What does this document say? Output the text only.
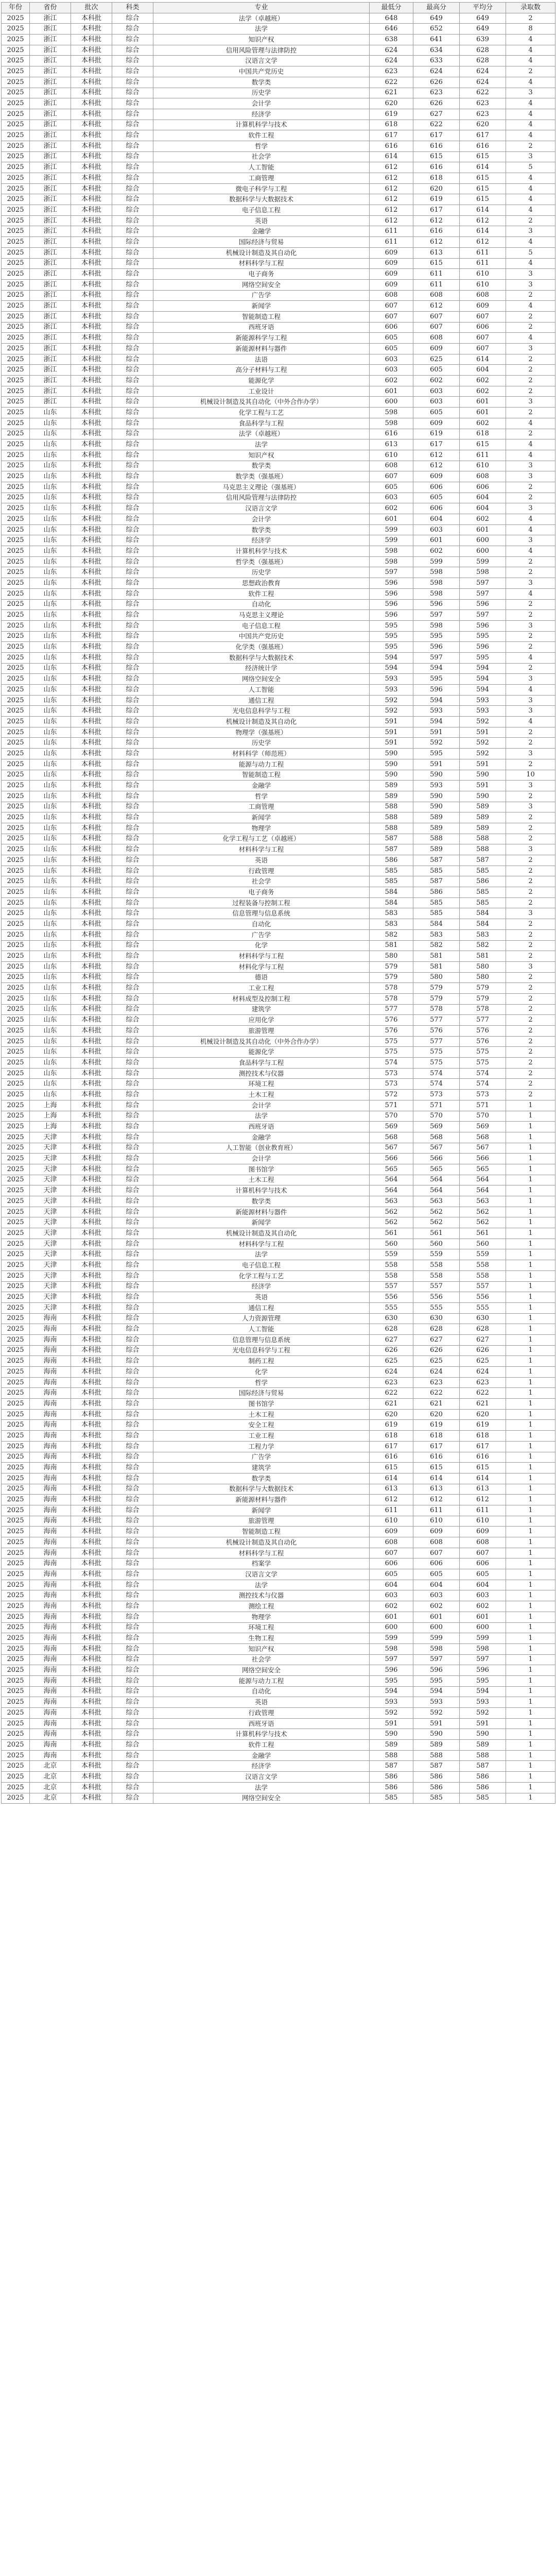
年份	省份	批次	科类	专业	最低分	最高分	平均分	录取数
2025	浙江	本科批	综合	法学（卓越班）	648	649	649	2
2025	浙江	本科批	综合	法学	646	652	649	8
2025	浙江	本科批	综合	知识产权	638	641	639	4
2025	浙江	本科批	综合	信用风险管理与法律防控	624	634	628	4
2025	浙江	本科批	综合	汉语言文学	624	633	628	4
2025	浙江	本科批	综合	中国共产党历史	623	624	624	2
2025	浙江	本科批	综合	数学类	622	626	624	4
2025	浙江	本科批	综合	历史学	621	623	622	3
2025	浙江	本科批	综合	会计学	620	626	623	4
2025	浙江	本科批	综合	经济学	619	627	623	4
2025	浙江	本科批	综合	计算机科学与技术	618	622	620	4
2025	浙江	本科批	综合	软件工程	617	617	617	4
2025	浙江	本科批	综合	哲学	616	616	616	2
2025	浙江	本科批	综合	社会学	614	615	615	3
2025	浙江	本科批	综合	人工智能	612	616	614	5
2025	浙江	本科批	综合	工商管理	612	618	615	4
2025	浙江	本科批	综合	微电子科学与工程	612	620	615	4
2025	浙江	本科批	综合	数据科学与大数据技术	612	619	615	4
2025	浙江	本科批	综合	电子信息工程	612	617	614	4
2025	浙江	本科批	综合	英语	612	612	612	2
2025	浙江	本科批	综合	金融学	611	616	614	3
2025	浙江	本科批	综合	国际经济与贸易	611	612	612	4
2025	浙江	本科批	综合	机械设计制造及其自动化	609	613	611	5
2025	浙江	本科批	综合	材料科学与工程	609	615	611	4
2025	浙江	本科批	综合	电子商务	609	611	610	3
2025	浙江	本科批	综合	网络空间安全	609	611	610	3
2025	浙江	本科批	综合	广告学	608	608	608	2
2025	浙江	本科批	综合	新闻学	607	612	609	4
2025	浙江	本科批	综合	智能制造工程	607	607	607	2
2025	浙江	本科批	综合	西班牙语	606	607	606	2
2025	浙江	本科批	综合	新能源科学与工程	605	608	607	4
2025	浙江	本科批	综合	新能源材料与器件	605	609	607	3
2025	浙江	本科批	综合	法语	603	625	614	2
2025	浙江	本科批	综合	高分子材料与工程	603	605	604	2
2025	浙江	本科批	综合	能源化学	602	602	602	2
2025	浙江	本科批	综合	工业设计	601	603	602	2
2025	浙江	本科批	综合	机械设计制造及其自动化（中外合作办学）	600	603	601	3
2025	山东	本科批	综合	化学工程与工艺	598	605	601	2
2025	山东	本科批	综合	食品科学与工程	598	609	602	4
2025	山东	本科批	综合	法学（卓越班）	616	619	618	2
2025	山东	本科批	综合	法学	613	617	615	4
2025	山东	本科批	综合	知识产权	610	612	611	4
2025	山东	本科批	综合	数学类	608	612	610	3
2025	山东	本科批	综合	数学类（强基班）	607	609	608	3
2025	山东	本科批	综合	马克思主义理论（强基班）	605	606	606	2
2025	山东	本科批	综合	信用风险管理与法律防控	603	605	604	2
2025	山东	本科批	综合	汉语言文学	602	606	604	3
2025	山东	本科批	综合	会计学	601	604	602	4
2025	山东	本科批	综合	数学类	599	603	601	4
2025	山东	本科批	综合	经济学	599	601	600	3
2025	山东	本科批	综合	计算机科学与技术	598	602	600	4
2025	山东	本科批	综合	哲学类（强基班）	598	599	599	2
2025	山东	本科批	综合	历史学	597	598	598	2
2025	山东	本科批	综合	思想政治教育	596	598	597	3
2025	山东	本科批	综合	软件工程	596	598	597	4
2025	山东	本科批	综合	自动化	596	596	596	2
2025	山东	本科批	综合	马克思主义理论	596	597	597	2
2025	山东	本科批	综合	电子信息工程	595	598	596	3
2025	山东	本科批	综合	中国共产党历史	595	595	595	2
2025	山东	本科批	综合	化学类（强基班）	595	596	596	2
2025	山东	本科批	综合	数据科学与大数据技术	594	597	595	4
2025	山东	本科批	综合	经济统计学	594	594	594	2
2025	山东	本科批	综合	网络空间安全	593	595	594	3
2025	山东	本科批	综合	人工智能	593	596	594	4
2025	山东	本科批	综合	通信工程	592	594	593	3
2025	山东	本科批	综合	光电信息科学与工程	592	593	593	3
2025	山东	本科批	综合	机械设计制造及其自动化	591	594	592	4
2025	山东	本科批	综合	物理学（强基班）	591	591	591	2
2025	山东	本科批	综合	历史学	591	592	592	2
2025	山东	本科批	综合	材料科学（师范班）	590	595	592	3
2025	山东	本科批	综合	能源与动力工程	590	591	591	2
2025	山东	本科批	综合	智能制造工程	590	590	590	10
2025	山东	本科批	综合	金融学	589	593	591	3
2025	山东	本科批	综合	哲学	589	590	590	2
2025	山东	本科批	综合	工商管理	588	590	589	3
2025	山东	本科批	综合	新闻学	588	589	589	2
2025	山东	本科批	综合	物理学	588	589	589	2
2025	山东	本科批	综合	化学工程与工艺（卓越班）	587	588	588	2
2025	山东	本科批	综合	材料科学与工程	587	589	588	3
2025	山东	本科批	综合	英语	586	587	587	2
2025	山东	本科批	综合	行政管理	585	585	585	2
2025	山东	本科批	综合	社会学	585	587	586	2
2025	山东	本科批	综合	电子商务	584	586	585	2
2025	山东	本科批	综合	过程装备与控制工程	584	585	585	2
2025	山东	本科批	综合	信息管理与信息系统	583	585	584	3
2025	山东	本科批	综合	自动化	583	584	584	2
2025	山东	本科批	综合	广告学	582	583	583	2
2025	山东	本科批	综合	化学	581	582	582	2
2025	山东	本科批	综合	材料科学与工程	580	581	581	2
2025	山东	本科批	综合	材料化学与工程	579	581	580	3
2025	山东	本科批	综合	德语	579	580	580	2
2025	山东	本科批	综合	工业工程	578	579	579	2
2025	山东	本科批	综合	材料成型及控制工程	578	579	579	2
2025	山东	本科批	综合	建筑学	577	578	578	2
2025	山东	本科批	综合	应用化学	576	577	577	2
2025	山东	本科批	综合	旅游管理	576	576	576	2
2025	山东	本科批	综合	机械设计制造及其自动化（中外合作办学）	575	577	576	2
2025	山东	本科批	综合	能源化学	575	575	575	2
2025	山东	本科批	综合	食品科学与工程	574	575	575	2
2025	山东	本科批	综合	测控技术与仪器	573	574	574	2
2025	山东	本科批	综合	环境工程	573	574	574	2
2025	山东	本科批	综合	土木工程	572	573	573	2
2025	上海	本科批	综合	会计学	571	571	571	1
2025	上海	本科批	综合	法学	570	570	570	1
2025	上海	本科批	综合	西班牙语	569	569	569	1
2025	天津	本科批	综合	金融学	568	568	568	1
2025	天津	本科批	综合	人工智能（创业教育班）	567	567	567	1
2025	天津	本科批	综合	会计学	566	566	566	1
2025	天津	本科批	综合	图书馆学	565	565	565	1
2025	天津	本科批	综合	土木工程	564	564	564	1
2025	天津	本科批	综合	计算机科学与技术	564	564	564	1
2025	天津	本科批	综合	数学类	563	563	563	1
2025	天津	本科批	综合	新能源材料与器件	562	562	562	1
2025	天津	本科批	综合	新闻学	562	562	562	1
2025	天津	本科批	综合	机械设计制造及其自动化	561	561	561	1
2025	天津	本科批	综合	材料科学与工程	560	560	560	1
2025	天津	本科批	综合	法学	559	559	559	1
2025	天津	本科批	综合	电子信息工程	558	558	558	1
2025	天津	本科批	综合	化学工程与工艺	558	558	558	1
2025	天津	本科批	综合	经济学	557	557	557	1
2025	天津	本科批	综合	英语	556	556	556	1
2025	天津	本科批	综合	通信工程	555	555	555	1
2025	海南	本科批	综合	人力资源管理	630	630	630	1
2025	海南	本科批	综合	人工智能	628	628	628	1
2025	海南	本科批	综合	信息管理与信息系统	627	627	627	1
2025	海南	本科批	综合	光电信息科学与工程	626	626	626	1
2025	海南	本科批	综合	制药工程	625	625	625	1
2025	海南	本科批	综合	化学	624	624	624	1
2025	海南	本科批	综合	哲学	623	623	623	1
2025	海南	本科批	综合	国际经济与贸易	622	622	622	1
2025	海南	本科批	综合	图书馆学	621	621	621	1
2025	海南	本科批	综合	土木工程	620	620	620	1
2025	海南	本科批	综合	安全工程	619	619	619	1
2025	海南	本科批	综合	工业工程	618	618	618	1
2025	海南	本科批	综合	工程力学	617	617	617	1
2025	海南	本科批	综合	广告学	616	616	616	1
2025	海南	本科批	综合	建筑学	615	615	615	1
2025	海南	本科批	综合	数学类	614	614	614	1
2025	海南	本科批	综合	数据科学与大数据技术	613	613	613	1
2025	海南	本科批	综合	新能源材料与器件	612	612	612	1
2025	海南	本科批	综合	新闻学	611	611	611	1
2025	海南	本科批	综合	旅游管理	610	610	610	1
2025	海南	本科批	综合	智能制造工程	609	609	609	1
2025	海南	本科批	综合	机械设计制造及其自动化	608	608	608	1
2025	海南	本科批	综合	材料科学与工程	607	607	607	1
2025	海南	本科批	综合	档案学	606	606	606	1
2025	海南	本科批	综合	汉语言文学	605	605	605	1
2025	海南	本科批	综合	法学	604	604	604	1
2025	海南	本科批	综合	测控技术与仪器	603	603	603	1
2025	海南	本科批	综合	测绘工程	602	602	602	1
2025	海南	本科批	综合	物理学	601	601	601	1
2025	海南	本科批	综合	环境工程	600	600	600	1
2025	海南	本科批	综合	生物工程	599	599	599	1
2025	海南	本科批	综合	知识产权	598	598	598	1
2025	海南	本科批	综合	社会学	597	597	597	1
2025	海南	本科批	综合	网络空间安全	596	596	596	1
2025	海南	本科批	综合	能源与动力工程	595	595	595	1
2025	海南	本科批	综合	自动化	594	594	594	1
2025	海南	本科批	综合	英语	593	593	593	1
2025	海南	本科批	综合	行政管理	592	592	592	1
2025	海南	本科批	综合	西班牙语	591	591	591	1
2025	海南	本科批	综合	计算机科学与技术	590	590	590	1
2025	海南	本科批	综合	软件工程	589	589	589	1
2025	海南	本科批	综合	金融学	588	588	588	1
2025	北京	本科批	综合	经济学	587	587	587	1
2025	北京	本科批	综合	汉语言文学	586	586	586	1
2025	北京	本科批	综合	法学	586	586	586	1
2025	北京	本科批	综合	网络空间安全	585	585	585	1
